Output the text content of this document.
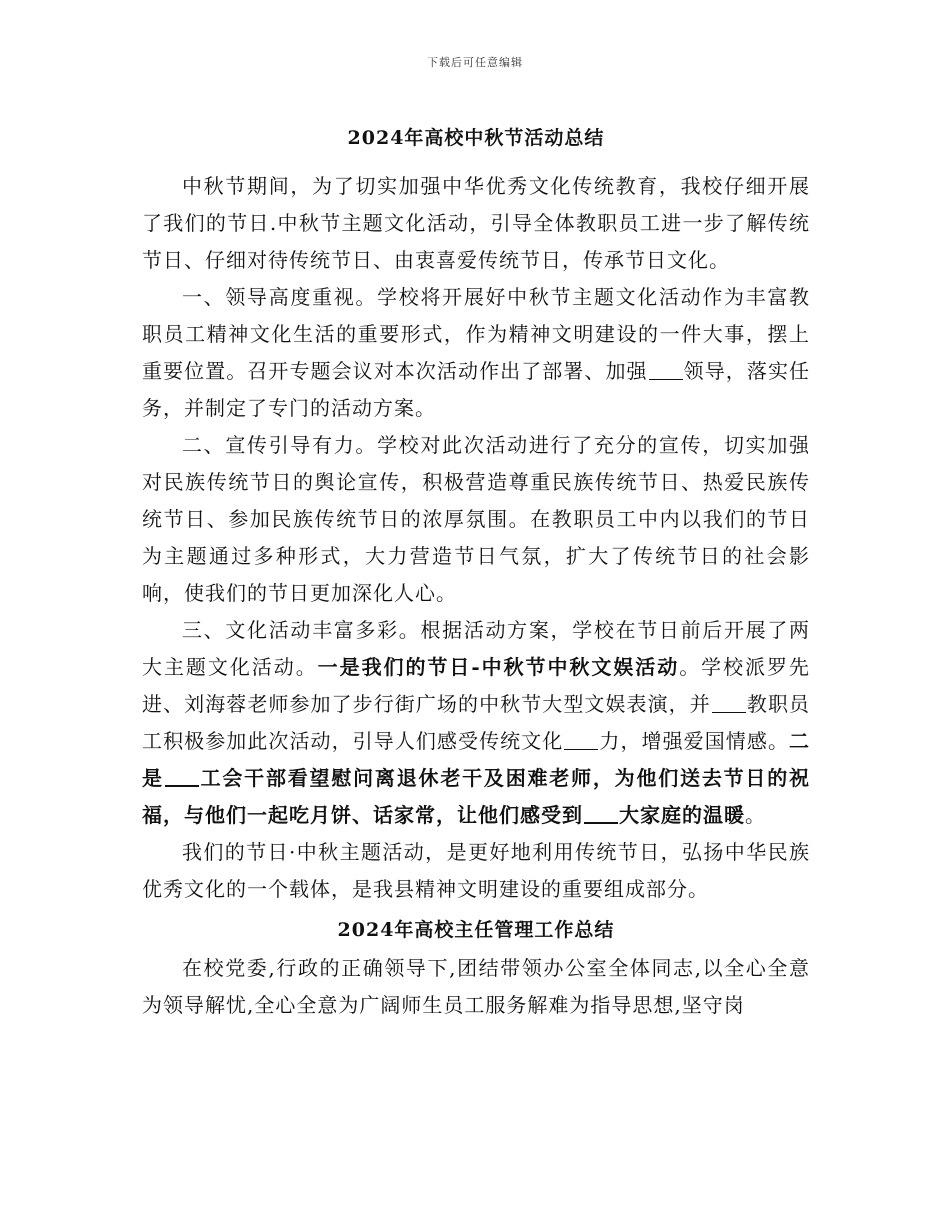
下载后可任意编辑
2024年高校中秋节活动总结

中秋节期间，为了切实加强中华优秀文化传统教育，我校仔细开展了我们的节日.中秋节主题文化活动，引导全体教职员工进一步了解传统节日、仔细对待传统节日、由衷喜爱传统节日，传承节日文化。

一、领导高度重视。学校将开展好中秋节主题文化活动作为丰富教职员工精神文化生活的重要形式，作为精神文明建设的一件大事，摆上重要位置。召开专题会议对本次活动作出了部署、加强 领导，落实任务，并制定了专门的活动方案。

二、宣传引导有力。学校对此次活动进行了充分的宣传，切实加强对民族传统节日的舆论宣传，积极营造尊重民族传统节日、热爱民族传统节日、参加民族传统节日的浓厚氛围。在教职员工中内以我们的节日为主题通过多种形式，大力营造节日气氛，扩大了传统节日的社会影响，使我们的节日更加深化人心。

三、文化活动丰富多彩。根据活动方案，学校在节日前后开展了两大主题文化活动。一是我们的节日-中秋节中秋文娱活动。学校派罗先进、刘海蓉老师参加了步行街广场的中秋节大型文娱表演，并 教职员工积极参加此次活动，引导人们感受传统文化 力，增强爱国情感。二是 工会干部看望慰问离退休老干及困难老师，为他们送去节日的祝福，与他们一起吃月饼、话家常，让他们感受到 大家庭的温暖。

我们的节日·中秋主题活动，是更好地利用传统节日，弘扬中华民族优秀文化的一个载体，是我县精神文明建设的重要组成部分。

2024年高校主任管理工作总结

在校党委,行政的正确领导下,团结带领办公室全体同志,以全心全意为领导解忧,全心全意为广阔师生员工服务解难为指导思想,坚守岗
